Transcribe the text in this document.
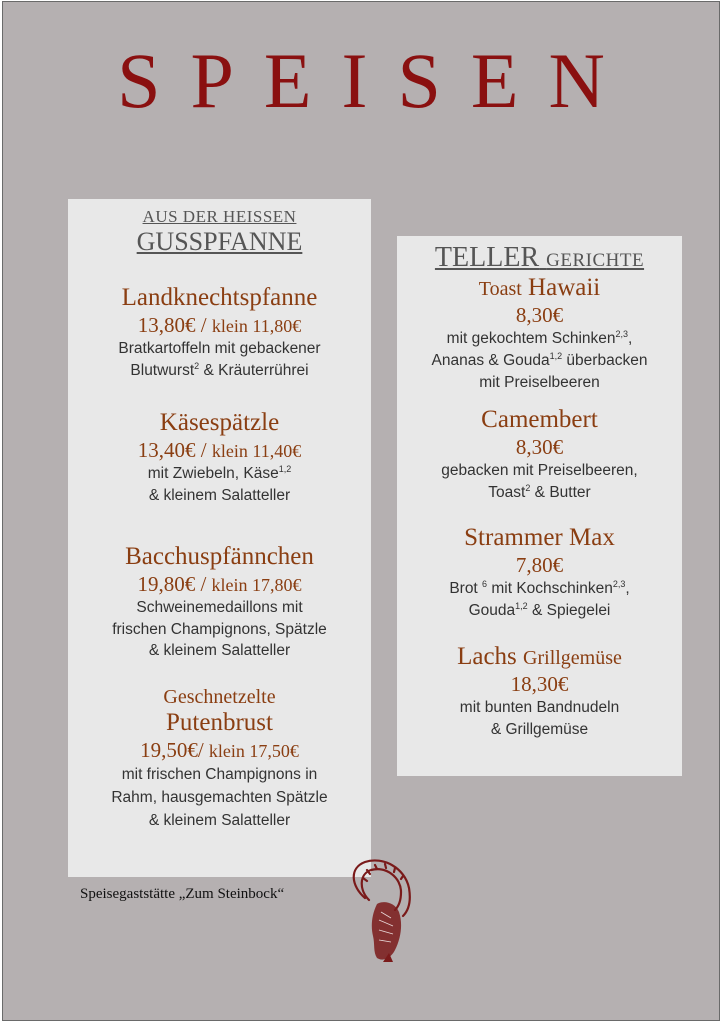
SPEISEN
AUS DER HEISSEN
GUSSPFANNE
Landknechtspfanne
13,80€ / klein 11,80€
Bratkartoffeln mit gebackener
Blutwurst$^2$ & Kräuterrührei
Käsespätzle
13,40€ / klein 11,40€
mit Zwiebeln, Käse$^{1,2}$
& kleinem Salatteller
Bacchuspfännchen
19,80€ / klein 17,80€
Schweinemedaillons mit
frischen Champignons, Spätzle
& kleinem Salatteller
Geschnetzelte
Putenbrust
19,50€/ klein 17,50€
mit frischen Champignons in
Rahm, hausgemachten Spätzle
& kleinem Salatteller
TELLER GERICHTE
Toast Hawaii
8,30€
mit gekochtem Schinken$^{2,3}$,
Ananas & Gouda$^{1,2}$ überbacken
mit Preiselbeeren
Camembert
8,30€
gebacken mit Preiselbeeren,
Toast$^2$ & Butter
Strammer Max
7,80€
Brot $^6$ mit Kochschinken$^{2,3}$,
Gouda$^{1,2}$ & Spiegelei
Lachs Grillgemüse
18,30€
mit bunten Bandnudeln
& Grillgemüse
Speisegaststätte „Zum Steinbock“
